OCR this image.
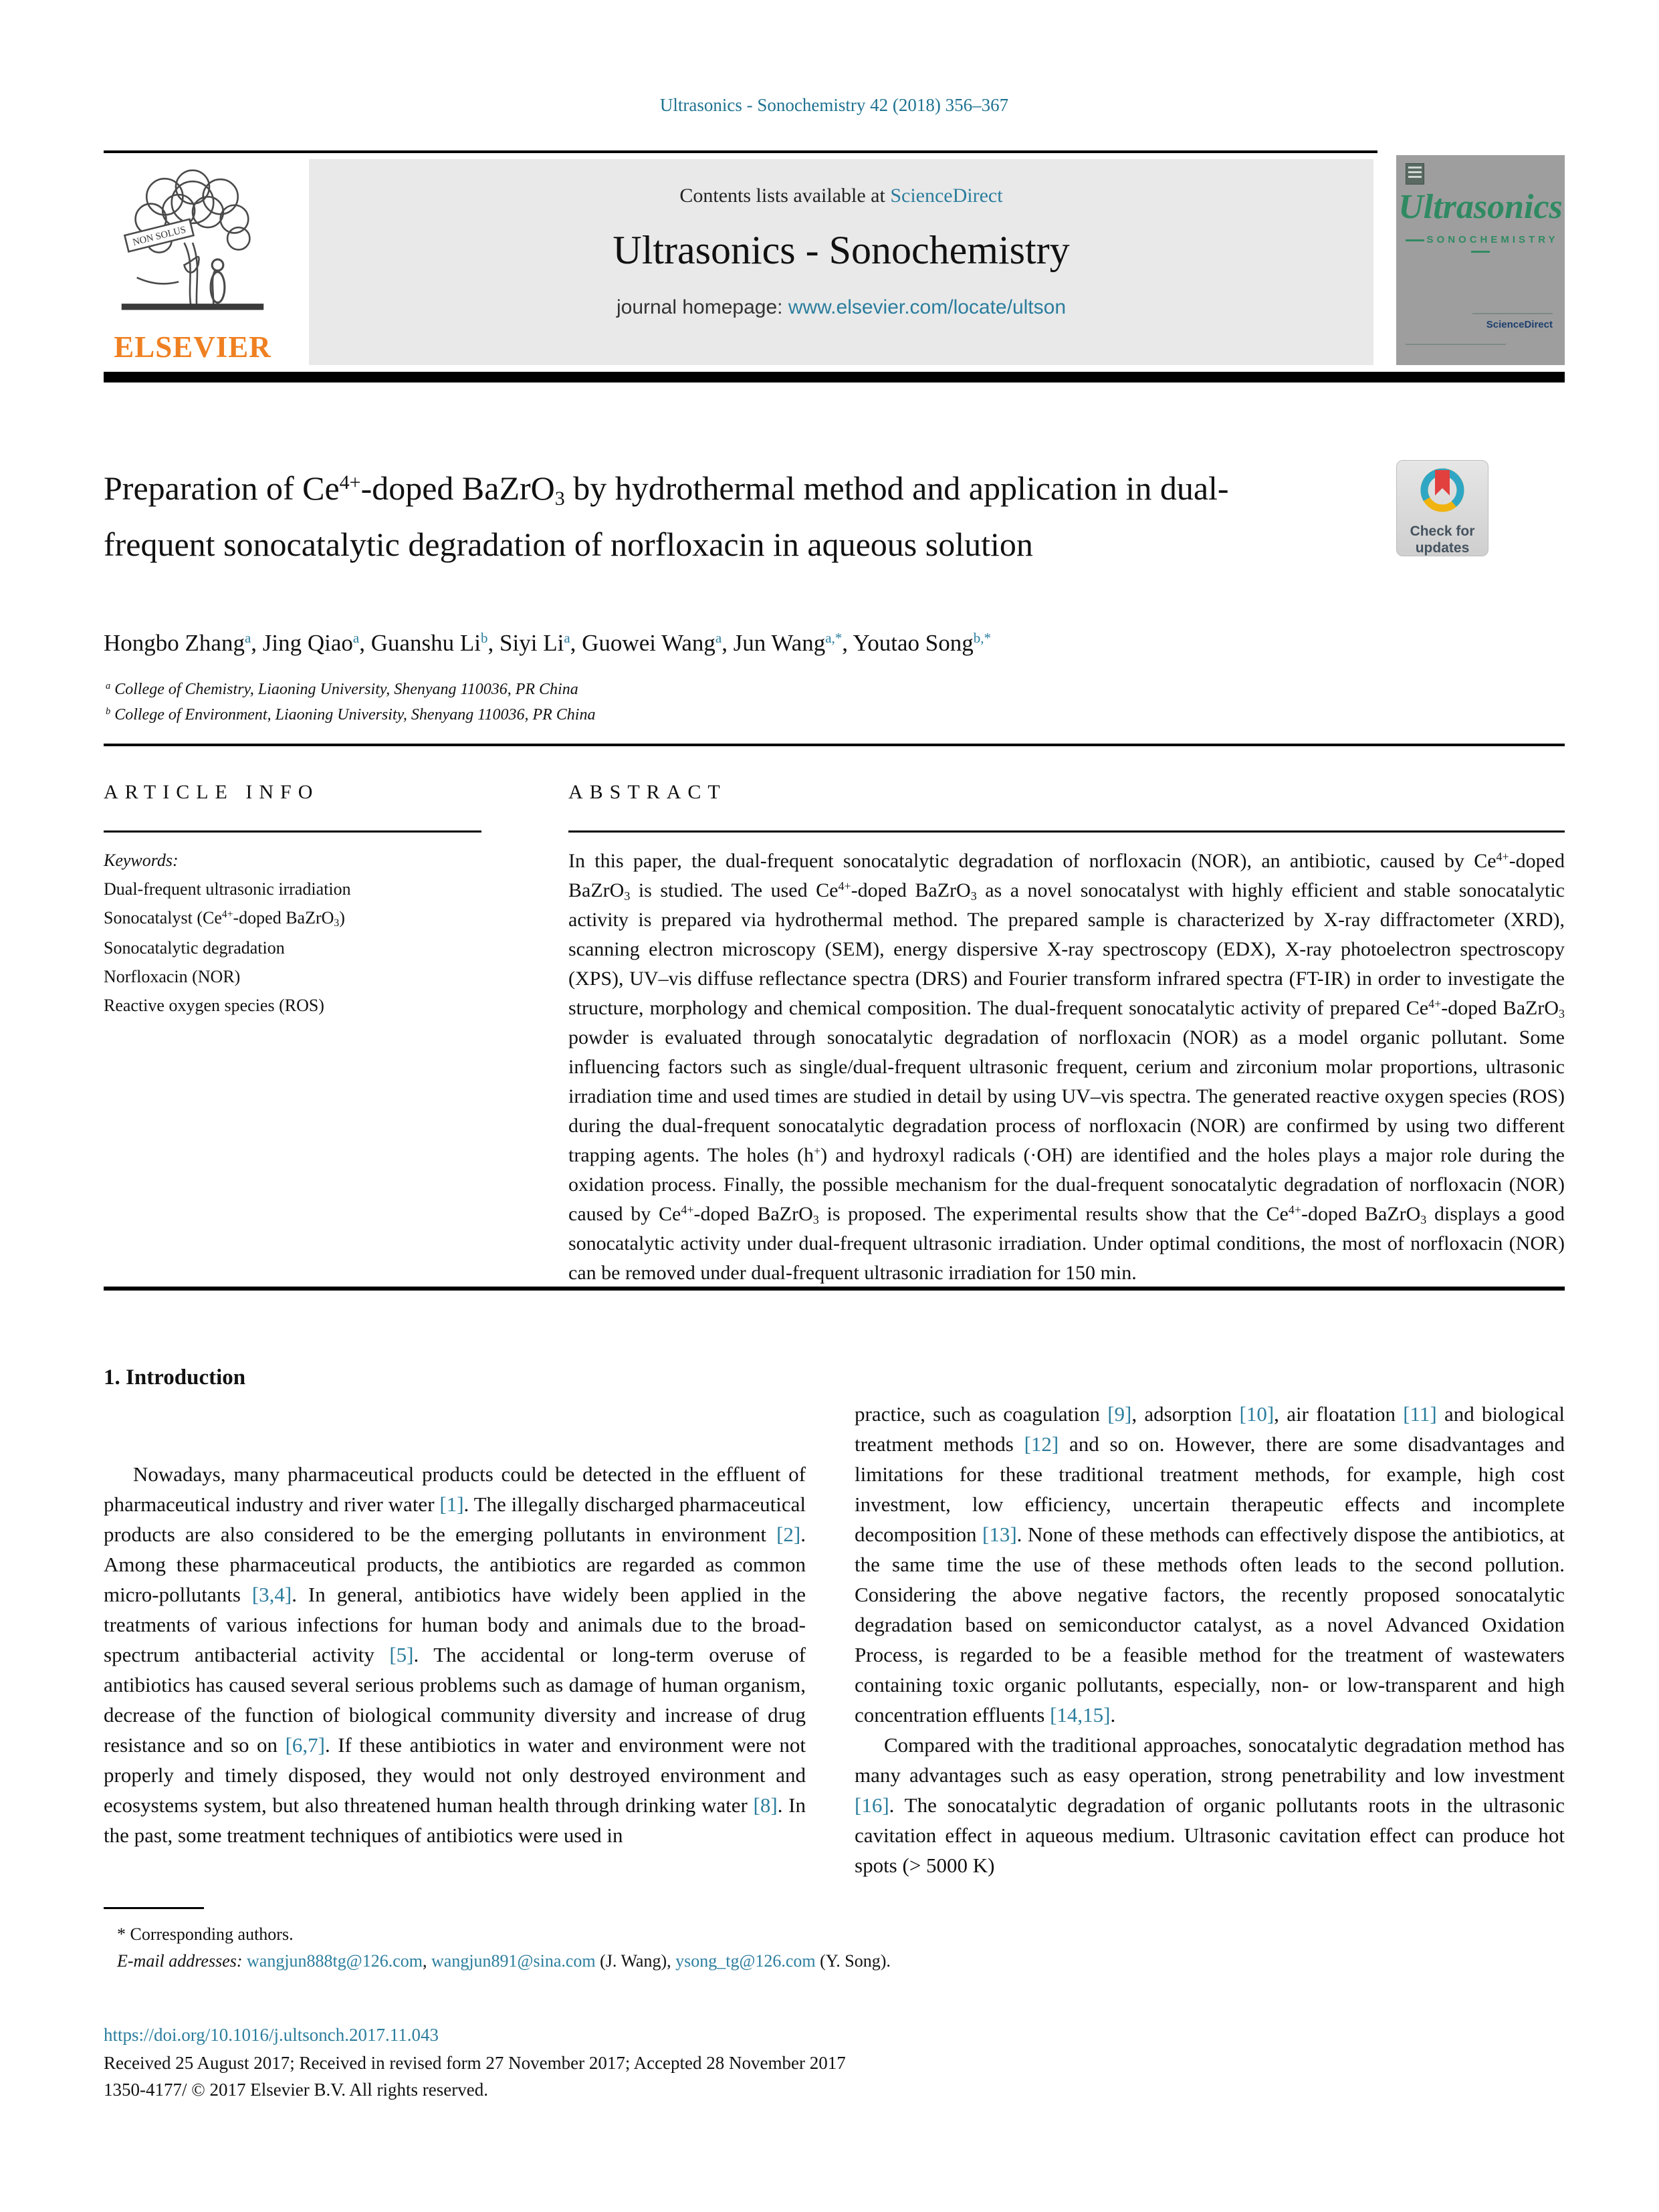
Ultrasonics - Sonochemistry 42 (2018) 356–367
NON SOLUS
ELSEVIER
Contents lists available at ScienceDirect
Ultrasonics - Sonochemistry
journal homepage: www.elsevier.com/locate/ultson
Ultrasonics
SONOCHEMISTRY
ScienceDirect
Preparation of $Ce^{4+}$-doped BaZrO$_3$ by hydrothermal method and application in dual-frequent sonocatalytic degradation of norfloxacin in aqueous solution	Check for
updates
Hongbo Zhang$^a$, Jing Qiao$^a$, Guanshu Li$^b$, Siyi Li$^a$, Guowei Wang$^a$, Jun Wang$^{a,*}$, Youtao Song$^{b,*}$
$^a$ College of Chemistry, Liaoning University, Shenyang 110036, PR China
$^b$ College of Environment, Liaoning University, Shenyang 110036, PR China
ARTICLE INFO	ABSTRACT
Keywords:
Dual-frequent ultrasonic irradiation
Sonocatalyst ($Ce^{4+}$-doped BaZrO$_3$)
Sonocatalytic degradation
Norfloxacin (NOR)
Reactive oxygen species (ROS)
In this paper, the dual-frequent sonocatalytic degradation of norfloxacin (NOR), an antibiotic, caused by $Ce^{4+}$-doped BaZrO$_3$ is studied. The used $Ce^{4+}$-doped BaZrO$_3$ as a novel sonocatalyst with highly efficient and stable sonocatalytic activity is prepared via hydrothermal method. The prepared sample is characterized by X-ray diffractometer (XRD), scanning electron microscopy (SEM), energy dispersive X-ray spectroscopy (EDX), X-ray photoelectron spectroscopy (XPS), UV–vis diffuse reflectance spectra (DRS) and Fourier transform infrared spectra (FT-IR) in order to investigate the structure, morphology and chemical composition. The dual-frequent sonocatalytic activity of prepared $Ce^{4+}$-doped BaZrO$_3$ powder is evaluated through sonocatalytic degradation of norfloxacin (NOR) as a model organic pollutant. Some influencing factors such as single/dual-frequent ultrasonic frequent, cerium and zirconium molar proportions, ultrasonic irradiation time and used times are studied in detail by using UV–vis spectra. The generated reactive oxygen species (ROS) during the dual-frequent sonocatalytic degradation process of norfloxacin (NOR) are confirmed by using two different trapping agents. The holes (h+) and hydroxyl radicals (·OH) are identified and the holes plays a major role during the oxidation process. Finally, the possible mechanism for the dual-frequent sonocatalytic degradation of norfloxacin (NOR) caused by $Ce^{4+}$-doped BaZrO$_3$ is proposed. The experimental results show that the $Ce^{4+}$-doped BaZrO$_3$ displays a good sonocatalytic activity under dual-frequent ultrasonic irradiation. Under optimal conditions, the most of norfloxacin (NOR) can be removed under dual-frequent ultrasonic irradiation for 150 min.
1. Introduction

Nowadays, many pharmaceutical products could be detected in the effluent of pharmaceutical industry and river water [1]. The illegally discharged pharmaceutical products are also considered to be the emerging pollutants in environment [2]. Among these pharmaceutical products, the antibiotics are regarded as common micro-pollutants [3,4]. In general, antibiotics have widely been applied in the treatments of various infections for human body and animals due to the broad-spectrum antibacterial activity [5]. The accidental or long-term overuse of antibiotics has caused several serious problems such as damage of human organism, decrease of the function of biological community diversity and increase of drug resistance and so on [6,7]. If these antibiotics in water and environment were not properly and timely disposed, they would not only destroyed environment and ecosystems system, but also threatened human health through drinking water [8]. In the past, some treatment techniques of antibiotics were used in

practice, such as coagulation [9], adsorption [10], air floatation [11] and biological treatment methods [12] and so on. However, there are some disadvantages and limitations for these traditional treatment methods, for example, high cost investment, low efficiency, uncertain therapeutic effects and incomplete decomposition [13]. None of these methods can effectively dispose the antibiotics, at the same time the use of these methods often leads to the second pollution. Considering the above negative factors, the recently proposed sonocatalytic degradation based on semiconductor catalyst, as a novel Advanced Oxidation Process, is regarded to be a feasible method for the treatment of wastewaters containing toxic organic pollutants, especially, non- or low-transparent and high concentration effluents [14,15].

Compared with the traditional approaches, sonocatalytic degradation method has many advantages such as easy operation, strong penetrability and low investment [16]. The sonocatalytic degradation of organic pollutants roots in the ultrasonic cavitation effect in aqueous medium. Ultrasonic cavitation effect can produce hot spots (> 5000 K)

* Corresponding authors.
E-mail addresses: wangjun888tg@126.com, wangjun891@sina.com (J. Wang), ysong_tg@126.com (Y. Song).
https://doi.org/10.1016/j.ultsonch.2017.11.043
Received 25 August 2017; Received in revised form 27 November 2017; Accepted 28 November 2017
1350-4177/ © 2017 Elsevier B.V. All rights reserved.
